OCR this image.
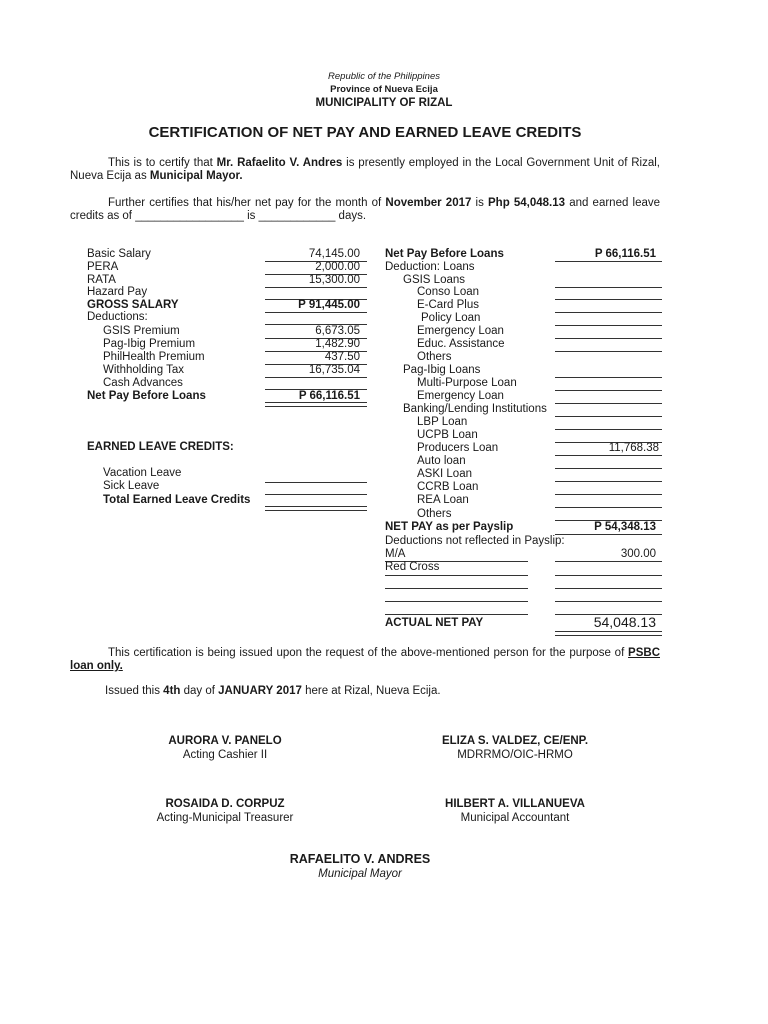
Republic of the Philippines
Province of Nueva Ecija
MUNICIPALITY OF RIZAL
CERTIFICATION OF NET PAY AND EARNED LEAVE CREDITS
This is to certify that Mr. Rafaelito V. Andres is presently employed in the Local Government Unit of Rizal, Nueva Ecija as Municipal Mayor.
Further certifies that his/her net pay for the month of November 2017 is Php 54,048.13 and earned leave credits as of _________________ is ____________ days.
Basic Salary	74,145.00
PERA	2,000.00
RATA	15,300.00
Hazard Pay
GROSS SALARY	P 91,445.00
Deductions:
GSIS Premium	6,673.05
Pag-Ibig Premium	1,482.90
PhilHealth Premium	437.50
Withholding Tax	16,735.04
Cash Advances
Net Pay Before Loans	P 66,116.51
EARNED LEAVE CREDITS:
Vacation Leave
Sick Leave
Total Earned Leave Credits
Net Pay Before Loans	P 66,116.51
Deduction: Loans
GSIS Loans
Conso Loan
E-Card Plus
Policy Loan
Emergency Loan
Educ. Assistance
Others
Pag-Ibig Loans
Multi-Purpose Loan
Emergency Loan
Banking/Lending Institutions
LBP Loan
UCPB Loan
Producers Loan	11,768.38
Auto loan
ASKI Loan
CCRB Loan
REA Loan
Others
NET PAY as per Payslip	P 54,348.13
Deductions not reflected in Payslip:
M/A	300.00
Red Cross
ACTUAL NET PAY	54,048.13
This certification is being issued upon the request of the above-mentioned person for the purpose of PSBC loan only.
Issued this 4th day of JANUARY 2017 here at Rizal, Nueva Ecija.
AURORA V. PANELO
Acting Cashier II
ELIZA S. VALDEZ, CE/ENP.
MDRRMO/OIC-HRMO
ROSAIDA D. CORPUZ
Acting-Municipal Treasurer
HILBERT A. VILLANUEVA
Municipal Accountant
RAFAELITO V. ANDRES
Municipal Mayor
